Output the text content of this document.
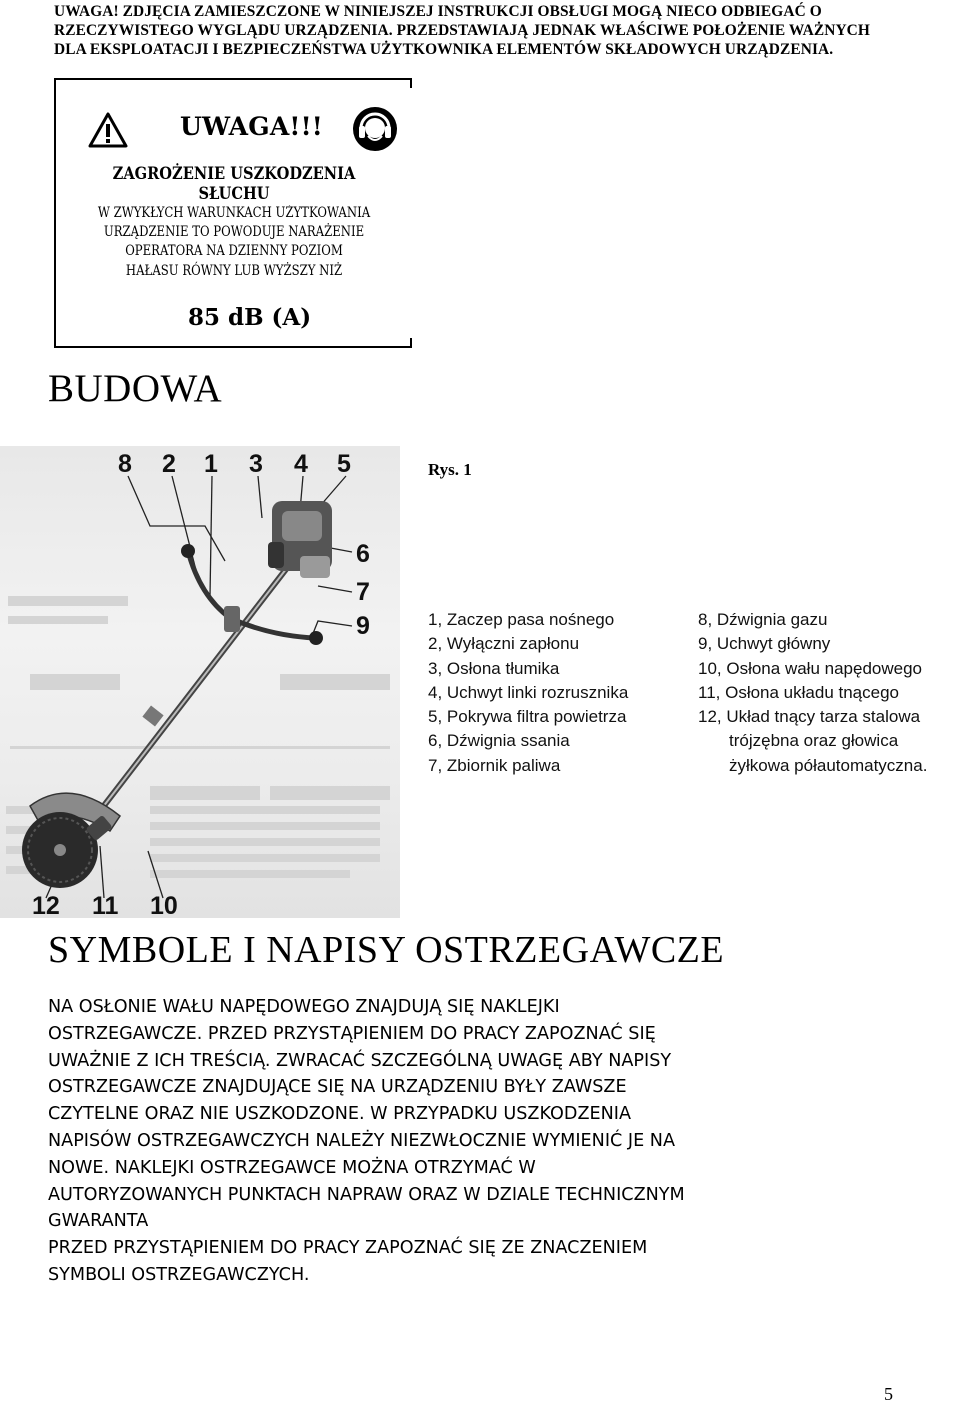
UWAGA! ZDJĘCIA ZAMIESZCZONE W NINIEJSZEJ INSTRUKCJI OBSŁUGI MOGĄ NIECO ODBIEGAĆ O
RZECZYWISTEGO WYGLĄDU URZĄDZENIA. PRZEDSTAWIAJĄ JEDNAK WŁAŚCIWE POŁOŻENIE WAŻNYCH
DLA EKSPLOATACJI I BEZPIECZEŃSTWA UŻYTKOWNIKA ELEMENTÓW SKŁADOWYCH URZĄDZENIA.
UWAGA!!!
ZAGROŻENIE USZKODZENIA SŁUCHU
W ZWYKŁYCH WARUNKACH UŻYTKOWANIA
URZĄDZENIE TO POWODUJE NARAŻENIE
OPERATORA NA DZIENNY POZIOM
HAŁASU RÓWNY LUB WYŻSZY NIŻ
85 dB (A)
BUDOWA
8 2 1 3 4 5
6
7
9
12 11 10
Rys. 1
1, Zaczep pasa nośnego
2, Wyłączni zapłonu
3, Osłona tłumika
4, Uchwyt linki rozrusznika
5, Pokrywa filtra powietrza
6, Dźwignia ssania
7, Zbiornik paliwa
8, Dźwignia gazu
9, Uchwyt główny
10, Osłona wału napędowego
11, Osłona układu tnącego
12, Układ tnący tarza stalowa
trójzębna oraz głowica
żyłkowa półautomatyczna.
SYMBOLE I NAPISY OSTRZEGAWCZE
NA OSŁONIE WAŁU NAPĘDOWEGO ZNAJDUJĄ SIĘ NAKLEJKI
OSTRZEGAWCZE. PRZED PRZYSTĄPIENIEM DO PRACY ZAPOZNAĆ SIĘ
UWAŻNIE Z ICH TREŚCIĄ. ZWRACAĆ SZCZEGÓLNĄ UWAGĘ ABY NAPISY
OSTRZEGAWCZE ZNAJDUJĄCE SIĘ NA URZĄDZENIU BYŁY ZAWSZE
CZYTELNE ORAZ NIE USZKODZONE. W PRZYPADKU USZKODZENIA
NAPISÓW OSTRZEGAWCZYCH NALEŻY NIEZWŁOCZNIE WYMIENIĆ JE NA
NOWE. NAKLEJKI OSTRZEGAWCE MOŻNA OTRZYMAĆ W
AUTORYZOWANYCH PUNKTACH NAPRAW ORAZ W DZIALE TECHNICZNYM
GWARANTA
PRZED PRZYSTĄPIENIEM DO PRACY ZAPOZNAĆ SIĘ ZE ZNACZENIEM
SYMBOLI OSTRZEGAWCZYCH.
5
